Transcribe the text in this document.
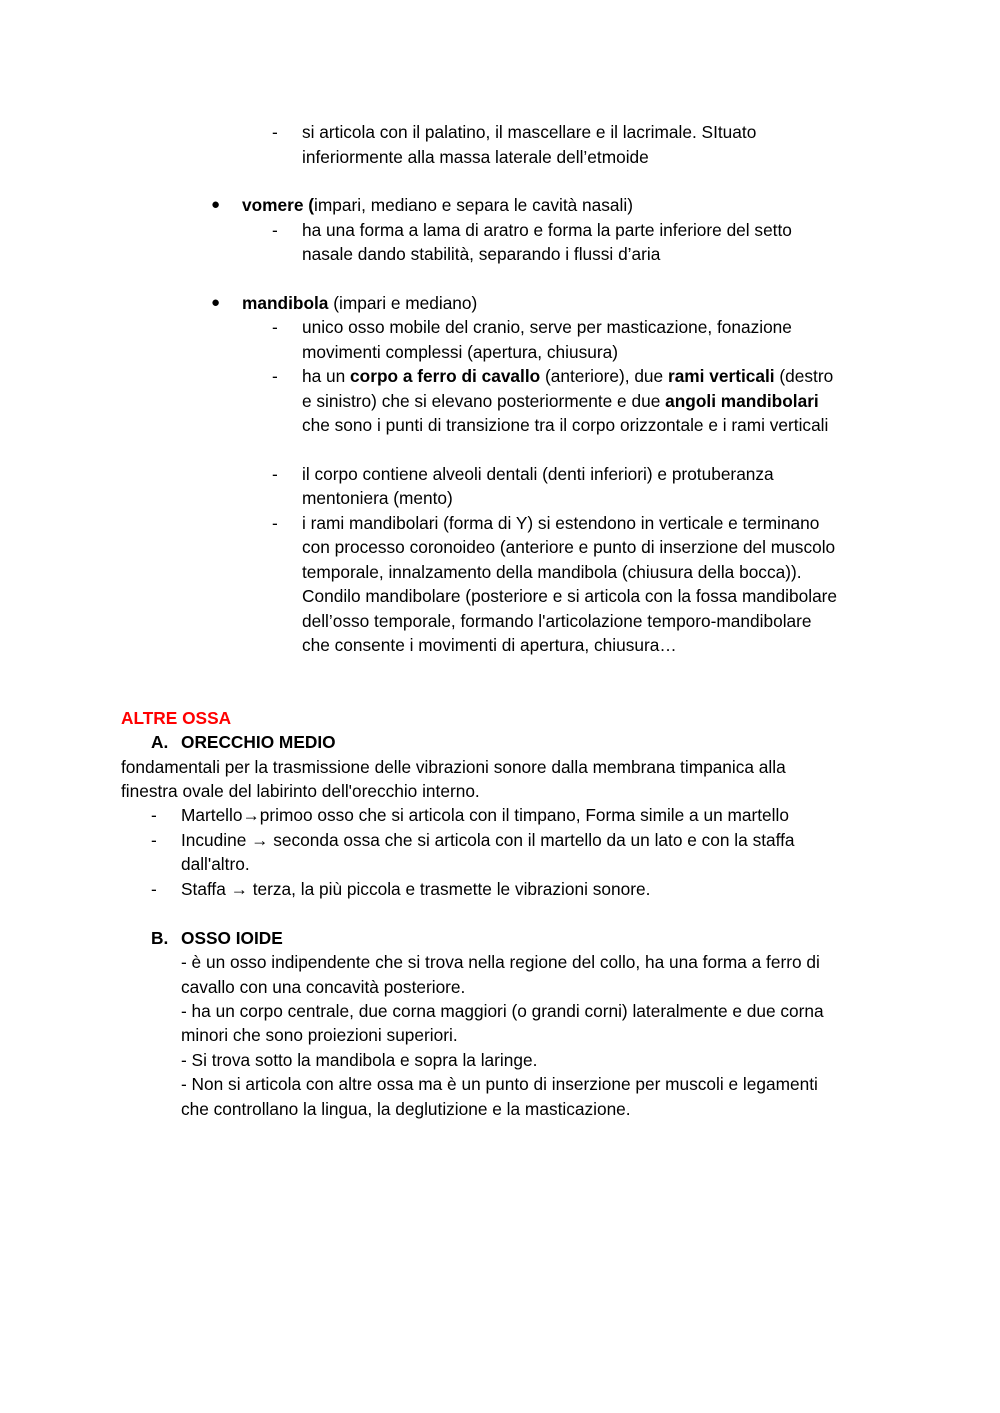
- si articola con il palatino, il mascellare e il lacrimale. SItuato
inferiormente alla massa laterale dell’etmoide
● vomere (impari, mediano e separa le cavità nasali)
- ha una forma a lama di aratro e forma la parte inferiore del setto
nasale dando stabilità, separando i flussi d’aria
● mandibola (impari e mediano)
- unico osso mobile del cranio, serve per masticazione, fonazione
movimenti complessi (apertura, chiusura)
- ha un corpo a ferro di cavallo (anteriore), due rami verticali (destro
e sinistro) che si elevano posteriormente e due angoli mandibolari
che sono i punti di transizione tra il corpo orizzontale e i rami verticali
- il corpo contiene alveoli dentali (denti inferiori) e protuberanza
mentoniera (mento)
- i rami mandibolari (forma di Y) si estendono in verticale e terminano
con processo coronoideo (anteriore e punto di inserzione del muscolo
temporale, innalzamento della mandibola (chiusura della bocca)).
Condilo mandibolare (posteriore e si articola con la fossa mandibolare
dell’osso temporale, formando l'articolazione temporo-mandibolare
che consente i movimenti di apertura, chiusura…
ALTRE OSSA
A. ORECCHIO MEDIO
fondamentali per la trasmissione delle vibrazioni sonore dalla membrana timpanica alla
finestra ovale del labirinto dell'orecchio interno.
- Martello→primoo osso che si articola con il timpano, Forma simile a un martello
- Incudine → seconda ossa che si articola con il martello da un lato e con la staffa
dall'altro.
- Staffa → terza, la più piccola e trasmette le vibrazioni sonore.
B. OSSO IOIDE
- è un osso indipendente che si trova nella regione del collo, ha una forma a ferro di
cavallo con una concavità posteriore.
- ha un corpo centrale, due corna maggiori (o grandi corni) lateralmente e due corna
minori che sono proiezioni superiori.
- Si trova sotto la mandibola e sopra la laringe.
- Non si articola con altre ossa ma è un punto di inserzione per muscoli e legamenti
che controllano la lingua, la deglutizione e la masticazione.
